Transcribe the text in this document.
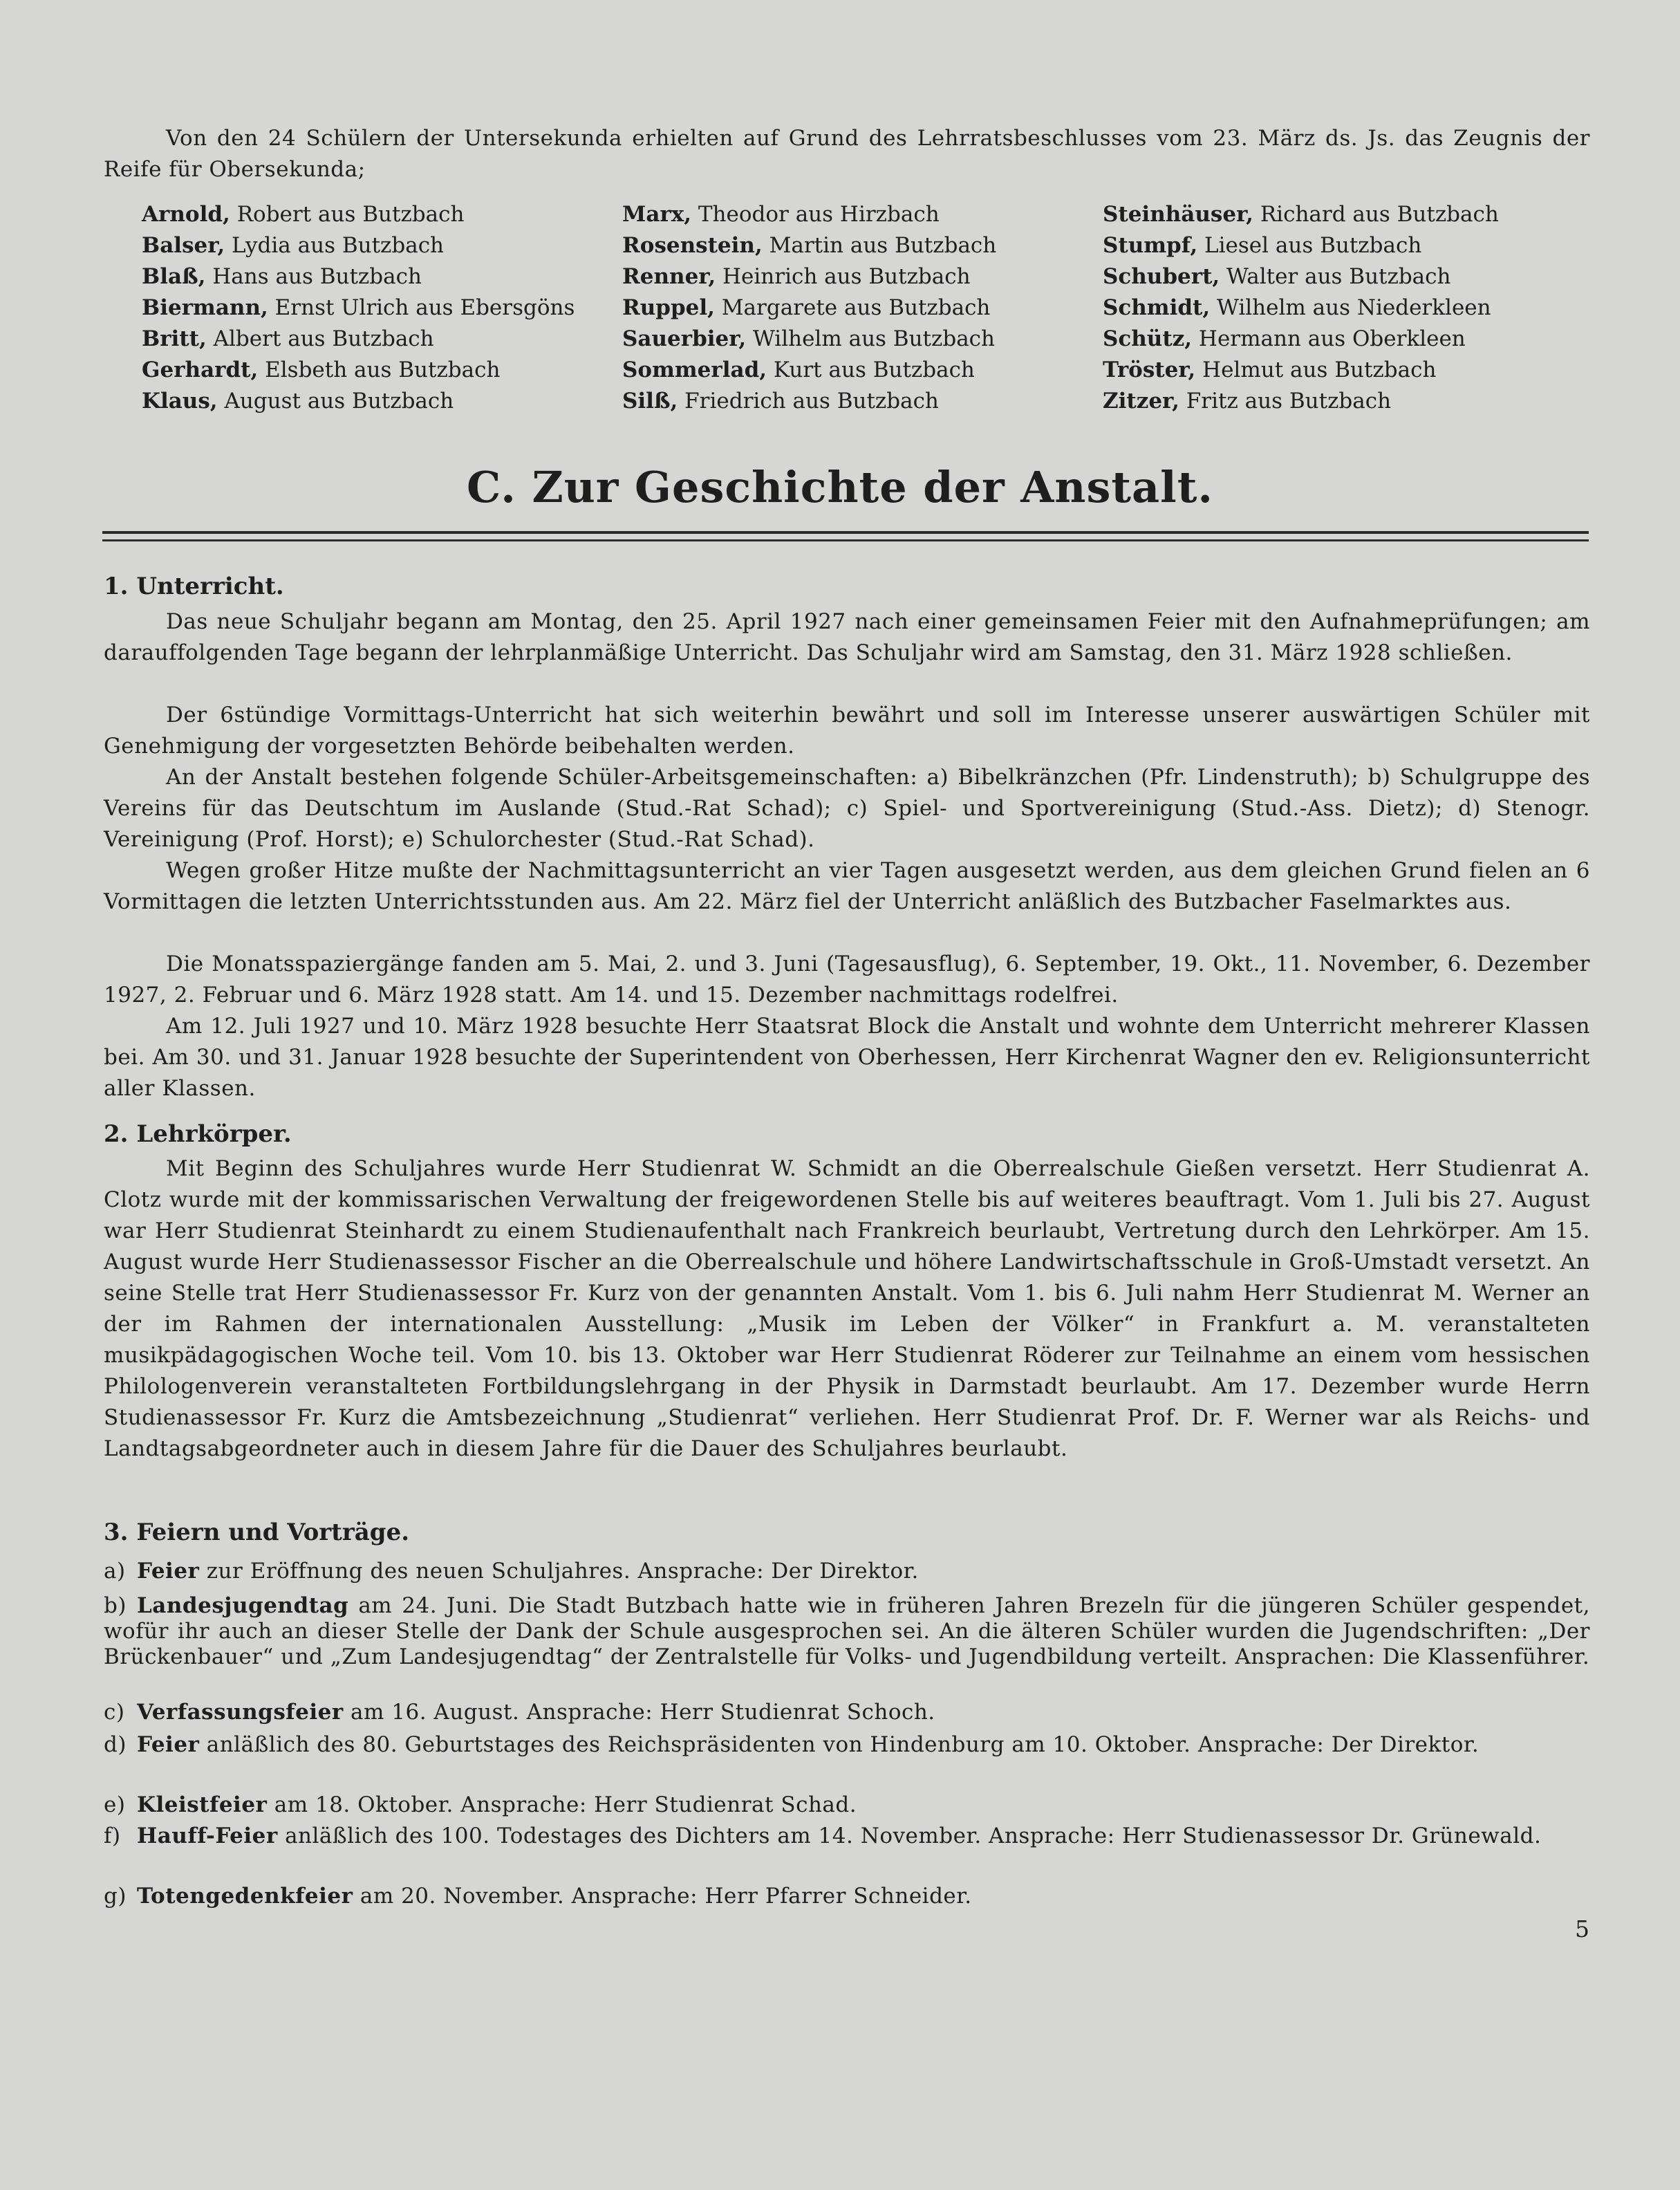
Von den 24 Schülern der Untersekunda erhielten auf Grund des Lehrratsbeschlusses vom 23. März ds. Js. das Zeugnis der Reife für Obersekunda;
Arnold, Robert aus Butzbach
Balser, Lydia aus Butzbach
Blaß, Hans aus Butzbach
Biermann, Ernst Ulrich aus Ebersgöns
Britt, Albert aus Butzbach
Gerhardt, Elsbeth aus Butzbach
Klaus, August aus Butzbach
Marx, Theodor aus Hirzbach
Rosenstein, Martin aus Butzbach
Renner, Heinrich aus Butzbach
Ruppel, Margarete aus Butzbach
Sauerbier, Wilhelm aus Butzbach
Sommerlad, Kurt aus Butzbach
Silß, Friedrich aus Butzbach
Steinhäuser, Richard aus Butzbach
Stumpf, Liesel aus Butzbach
Schubert, Walter aus Butzbach
Schmidt, Wilhelm aus Niederkleen
Schütz, Hermann aus Oberkleen
Tröster, Helmut aus Butzbach
Zitzer, Fritz aus Butzbach
C. Zur Geschichte der Anstalt.
1. Unterricht.
Das neue Schuljahr begann am Montag, den 25. April 1927 nach einer gemeinsamen Feier mit den Aufnahmeprüfungen; am darauffolgenden Tage begann der lehrplanmäßige Unterricht. Das Schuljahr wird am Samstag, den 31. März 1928 schließen.
Der 6stündige Vormittags-Unterricht hat sich weiterhin bewährt und soll im Interesse unserer auswärtigen Schüler mit Genehmigung der vorgesetzten Behörde beibehalten werden.
An der Anstalt bestehen folgende Schüler-Arbeitsgemeinschaften: a) Bibelkränzchen (Pfr. Lindenstruth); b) Schulgruppe des Vereins für das Deutschtum im Auslande (Stud.-Rat Schad); c) Spiel- und Sportvereinigung (Stud.-Ass. Dietz); d) Stenogr. Vereinigung (Prof. Horst); e) Schulorchester (Stud.-Rat Schad).
Wegen großer Hitze mußte der Nachmittagsunterricht an vier Tagen ausgesetzt werden, aus dem gleichen Grund fielen an 6 Vormittagen die letzten Unterrichtsstunden aus. Am 22. März fiel der Unterricht anläßlich des Butzbacher Faselmarktes aus.
Die Monatsspaziergänge fanden am 5. Mai, 2. und 3. Juni (Tagesausflug), 6. September, 19. Okt., 11. November, 6. Dezember 1927, 2. Februar und 6. März 1928 statt. Am 14. und 15. Dezember nachmittags rodelfrei.
Am 12. Juli 1927 und 10. März 1928 besuchte Herr Staatsrat Block die Anstalt und wohnte dem Unterricht mehrerer Klassen bei. Am 30. und 31. Januar 1928 besuchte der Superintendent von Oberhessen, Herr Kirchenrat Wagner den ev. Religionsunterricht aller Klassen.
2. Lehrkörper.
Mit Beginn des Schuljahres wurde Herr Studienrat W. Schmidt an die Oberrealschule Gießen versetzt. Herr Studienrat A. Clotz wurde mit der kommissarischen Verwaltung der freigewordenen Stelle bis auf weiteres beauftragt. Vom 1. Juli bis 27. August war Herr Studienrat Steinhardt zu einem Studienaufenthalt nach Frankreich beurlaubt, Vertretung durch den Lehrkörper. Am 15. August wurde Herr Studienassessor Fischer an die Oberrealschule und höhere Landwirtschaftsschule in Groß-Umstadt versetzt. An seine Stelle trat Herr Studienassessor Fr. Kurz von der genannten Anstalt. Vom 1. bis 6. Juli nahm Herr Studienrat M. Werner an der im Rahmen der internationalen Ausstellung: „Musik im Leben der Völker“ in Frankfurt a. M. veranstalteten musikpädagogischen Woche teil. Vom 10. bis 13. Oktober war Herr Studienrat Röderer zur Teilnahme an einem vom hessischen Philologenverein veranstalteten Fortbildungslehrgang in der Physik in Darmstadt beurlaubt. Am 17. Dezember wurde Herrn Studienassessor Fr. Kurz die Amtsbezeichnung „Studienrat“ verliehen. Herr Studienrat Prof. Dr. F. Werner war als Reichs- und Landtagsabgeordneter auch in diesem Jahre für die Dauer des Schuljahres beurlaubt.
3. Feiern und Vorträge.
a) Feier zur Eröffnung des neuen Schuljahres. Ansprache: Der Direktor.
b) Landesjugendtag am 24. Juni. Die Stadt Butzbach hatte wie in früheren Jahren Brezeln für die jüngeren Schüler gespendet, wofür ihr auch an dieser Stelle der Dank der Schule ausgesprochen sei. An die älteren Schüler wurden die Jugendschriften: „Der Brückenbauer“ und „Zum Landesjugendtag“ der Zentralstelle für Volks- und Jugendbildung verteilt. Ansprachen: Die Klassenführer.
c) Verfassungsfeier am 16. August. Ansprache: Herr Studienrat Schoch.
d) Feier anläßlich des 80. Geburtstages des Reichspräsidenten von Hindenburg am 10. Oktober. Ansprache: Der Direktor.
e) Kleistfeier am 18. Oktober. Ansprache: Herr Studienrat Schad.
f) Hauff-Feier anläßlich des 100. Todestages des Dichters am 14. November. Ansprache: Herr Studienassessor Dr. Grünewald.
g) Totengedenkfeier am 20. November. Ansprache: Herr Pfarrer Schneider.
5
